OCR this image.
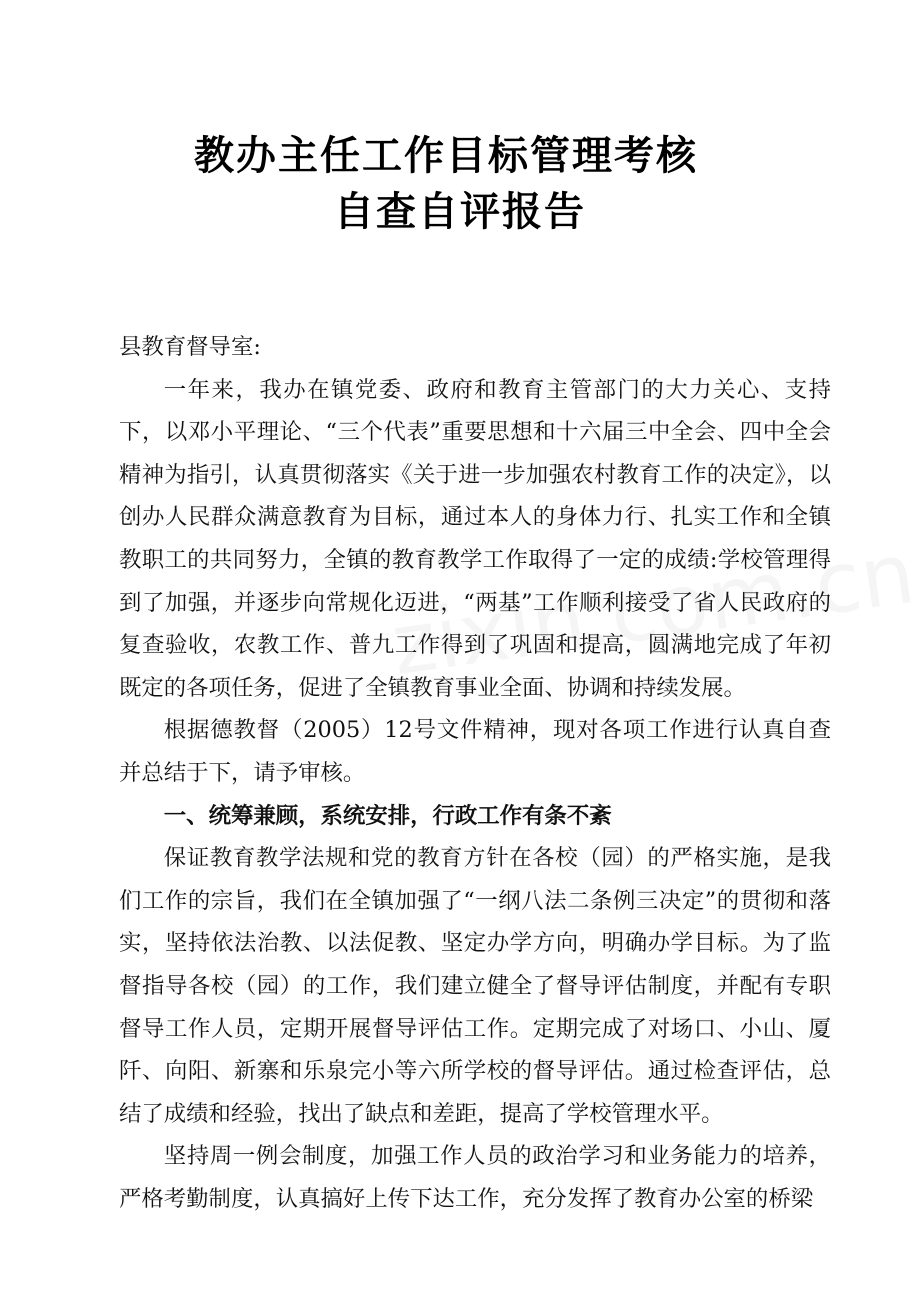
教办主任工作目标管理考核
自查自评报告

县教育督导室:

一年来，我办在镇党委、政府和教育主管部门的大力关心、支持下，以邓小平理论、“三个代表”重要思想和十六届三中全会、四中全会精神为指引，认真贯彻落实《关于进一步加强农村教育工作的决定》，以创办人民群众满意教育为目标，通过本人的身体力行、扎实工作和全镇教职工的共同努力，全镇的教育教学工作取得了一定的成绩:学校管理得到了加强，并逐步向常规化迈进，“两基”工作顺利接受了省人民政府的复查验收，农教工作、普九工作得到了巩固和提高，圆满地完成了年初既定的各项任务，促进了全镇教育事业全面、协调和持续发展。

根据德教督（2005）12号文件精神，现对各项工作进行认真自查并总结于下，请予审核。

一、统筹兼顾，系统安排，行政工作有条不紊

保证教育教学法规和党的教育方针在各校（园）的严格实施，是我们工作的宗旨，我们在全镇加强了“一纲八法二条例三决定”的贯彻和落实，坚持依法治教、以法促教、坚定办学方向，明确办学目标。为了监督指导各校（园）的工作，我们建立健全了督导评估制度，并配有专职督导工作人员，定期开展督导评估工作。定期完成了对场口、小山、厦阡、向阳、新寨和乐泉完小等六所学校的督导评估。通过检查评估，总结了成绩和经验，找出了缺点和差距，提高了学校管理水平。

坚持周一例会制度，加强工作人员的政治学习和业务能力的培养，严格考勤制度，认真搞好上传下达工作，充分发挥了教育办公室的桥梁
